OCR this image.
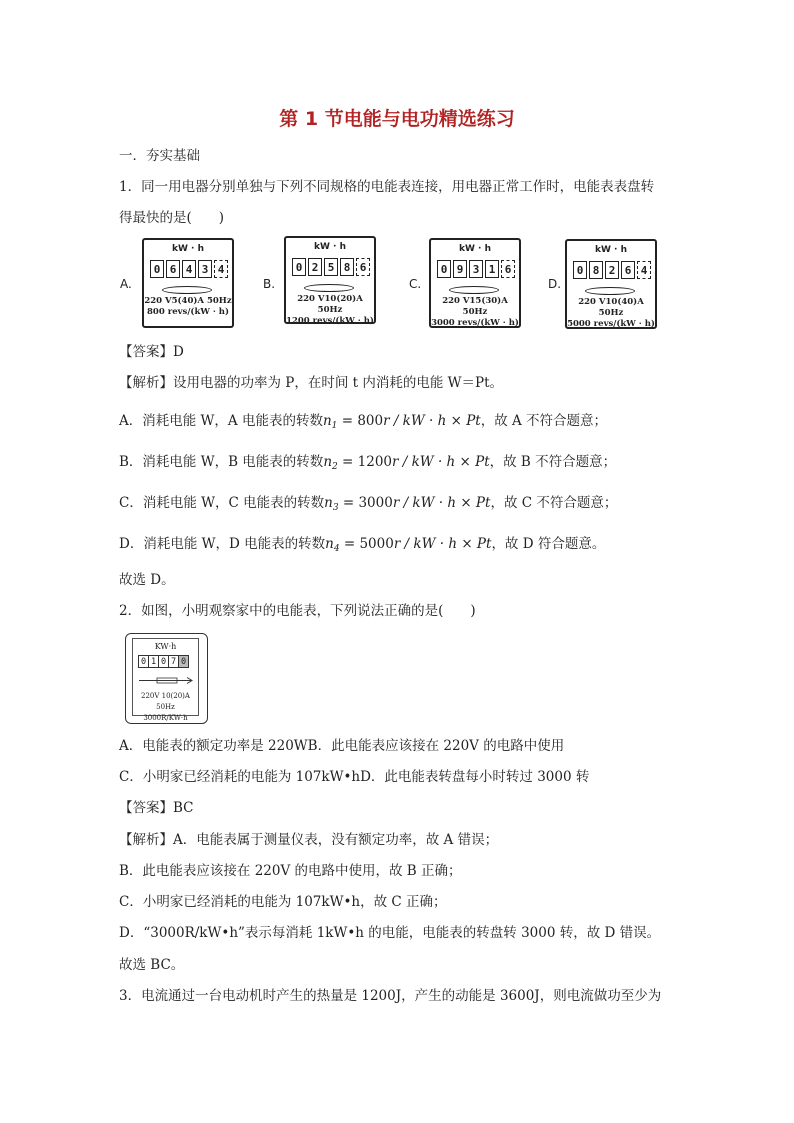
第 1 节电能与电功精选练习
一．夯实基础
1．同一用电器分别单独与下列不同规格的电能表连接，用电器正常工作时，电能表表盘转
得最快的是(　　)
A.
kW · h
0 6 4 3 4
220 V5(40)A 50Hz
800 revs/(kW · h)
B.
kW · h
0 2 5 8 6
220 V10(20)A 50Hz
1200 revs/(kW · h)
C.
kW · h
0 9 3 1 6
220 V15(30)A 50Hz
3000 revs/(kW · h)
D.
kW · h
0 8 2 6 4
220 V10(40)A 50Hz
5000 revs/(kW · h)
【答案】D
【解析】设用电器的功率为 P，在时间 t 内消耗的电能 W＝Pt。
A．消耗电能 W，A 电能表的转数$n_1 = 800r$ / kW · h × Pt，故 A 不符合题意；
B．消耗电能 W，B 电能表的转数$n_2 = 1200r$ / kW · h × Pt，故 B 不符合题意；
C．消耗电能 W，C 电能表的转数$n_3 = 3000r$ / kW · h × Pt，故 C 不符合题意；
D．消耗电能 W，D 电能表的转数$n_4 = 5000r$ / kW · h × Pt，故 D 符合题意。
故选 D。
2．如图，小明观察家中的电能表，下列说法正确的是(　　)
KW·h
0 1 0 7 0
220V 10(20)A 50Hz
3000R/KW·h
A．电能表的额定功率是 220WB．此电能表应该接在 220V 的电路中使用
C．小明家已经消耗的电能为 107kW•hD．此电能表转盘每小时转过 3000 转
【答案】BC
【解析】A．电能表属于测量仪表，没有额定功率，故 A 错误；
B．此电能表应该接在 220V 的电路中使用，故 B 正确；
C．小明家已经消耗的电能为 107kW•h，故 C 正确；
D．“3000R/kW•h”表示每消耗 1kW•h 的电能，电能表的转盘转 3000 转，故 D 错误。
故选 BC。
3．电流通过一台电动机时产生的热量是 1200J，产生的动能是 3600J，则电流做功至少为
